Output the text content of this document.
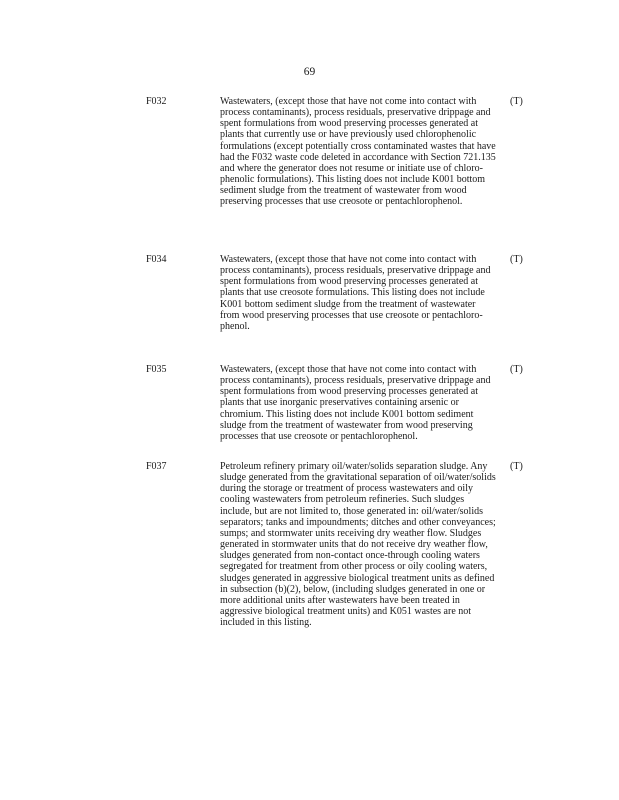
69
F032	Wastewaters, (except those that have not come into contact with
process contaminants), process residuals, preservative drippage and
spent formulations from wood preserving processes generated at
plants that currently use or have previously used chlorophenolic
formulations (except potentially cross contaminated wastes that have
had the F032 waste code deleted in accordance with Section 721.135
and where the generator does not resume or initiate use of chloro-
phenolic formulations). This listing does not include K001 bottom
sediment sludge from the treatment of wastewater from wood
preserving processes that use creosote or pentachlorophenol.
(T)
F034	Wastewaters, (except those that have not come into contact with
process contaminants), process residuals, preservative drippage and
spent formulations from wood preserving processes generated at
plants that use creosote formulations. This listing does not include
K001 bottom sediment sludge from the treatment of wastewater
from wood preserving processes that use creosote or pentachloro-
phenol.
(T)
F035	Wastewaters, (except those that have not come into contact with
process contaminants), process residuals, preservative drippage and
spent formulations from wood preserving processes generated at
plants that use inorganic preservatives containing arsenic or
chromium. This listing does not include K001 bottom sediment
sludge from the treatment of wastewater from wood preserving
processes that use creosote or pentachlorophenol.
(T)
F037	Petroleum refinery primary oil/water/solids separation sludge. Any
sludge generated from the gravitational separation of oil/water/solids
during the storage or treatment of process wastewaters and oily
cooling wastewaters from petroleum refineries. Such sludges
include, but are not limited to, those generated in: oil/water/solids
separators; tanks and impoundments; ditches and other conveyances;
sumps; and stormwater units receiving dry weather flow. Sludges
generated in stormwater units that do not receive dry weather flow,
sludges generated from non-contact once-through cooling waters
segregated for treatment from other process or oily cooling waters,
sludges generated in aggressive biological treatment units as defined
in subsection (b)(2), below, (including sludges generated in one or
more additional units after wastewaters have been treated in
aggressive biological treatment units) and K051 wastes are not
included in this listing.
(T)
